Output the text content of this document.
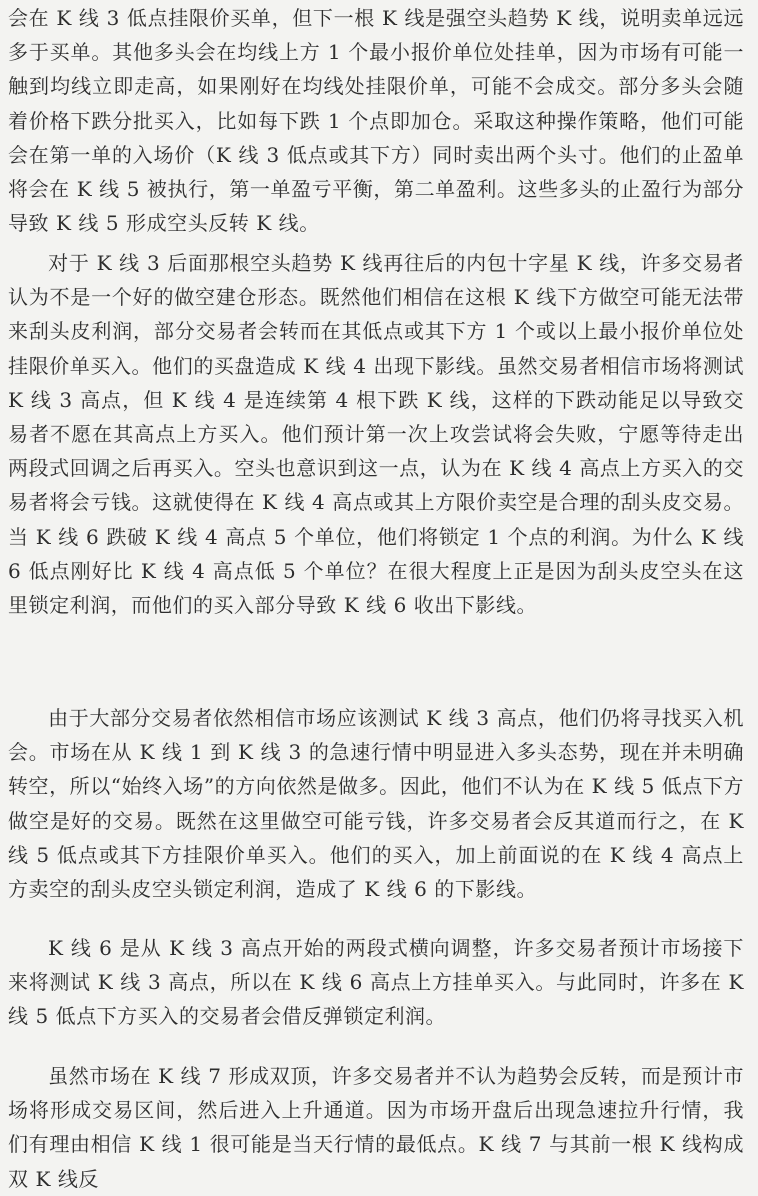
会在 K 线 3 低点挂限价买单，但下一根 K 线是强空头趋势 K 线，说明卖单远远多于买单。其他多头会在均线上方 1 个最小报价单位处挂单，因为市场有可能一触到均线立即走高，如果刚好在均线处挂限价单，可能不会成交。部分多头会随着价格下跌分批买入，比如每下跌 1 个点即加仓。采取这种操作策略，他们可能会在第一单的入场价（K 线 3 低点或其下方）同时卖出两个头寸。他们的止盈单将会在 K 线 5 被执行，第一单盈亏平衡，第二单盈利。这些多头的止盈行为部分导致 K 线 5 形成空头反转 K 线。

对于 K 线 3 后面那根空头趋势 K 线再往后的内包十字星 K 线，许多交易者认为不是一个好的做空建仓形态。既然他们相信在这根 K 线下方做空可能无法带来刮头皮利润，部分交易者会转而在其低点或其下方 1 个或以上最小报价单位处挂限价单买入。他们的买盘造成 K 线 4 出现下影线。虽然交易者相信市场将测试 K 线 3 高点，但 K 线 4 是连续第 4 根下跌 K 线，这样的下跌动能足以导致交易者不愿在其高点上方买入。他们预计第一次上攻尝试将会失败，宁愿等待走出两段式回调之后再买入。空头也意识到这一点，认为在 K 线 4 高点上方买入的交易者将会亏钱。这就使得在 K 线 4 高点或其上方限价卖空是合理的刮头皮交易。当 K 线 6 跌破 K 线 4 高点 5 个单位，他们将锁定 1 个点的利润。为什么 K 线 6 低点刚好比 K 线 4 高点低 5 个单位？在很大程度上正是因为刮头皮空头在这里锁定利润，而他们的买入部分导致 K 线 6 收出下影线。

由于大部分交易者依然相信市场应该测试 K 线 3 高点，他们仍将寻找买入机会。市场在从 K 线 1 到 K 线 3 的急速行情中明显进入多头态势，现在并未明确转空，所以“始终入场”的方向依然是做多。因此，他们不认为在 K 线 5 低点下方做空是好的交易。既然在这里做空可能亏钱，许多交易者会反其道而行之，在 K 线 5 低点或其下方挂限价单买入。他们的买入，加上前面说的在 K 线 4 高点上方卖空的刮头皮空头锁定利润，造成了 K 线 6 的下影线。

K 线 6 是从 K 线 3 高点开始的两段式横向调整，许多交易者预计市场接下来将测试 K 线 3 高点，所以在 K 线 6 高点上方挂单买入。与此同时，许多在 K 线 5 低点下方买入的交易者会借反弹锁定利润。

虽然市场在 K 线 7 形成双顶，许多交易者并不认为趋势会反转，而是预计市场将形成交易区间，然后进入上升通道。因为市场开盘后出现急速拉升行情，我们有理由相信 K 线 1 很可能是当天行情的最低点。K 线 7 与其前一根 K 线构成双 K 线反
